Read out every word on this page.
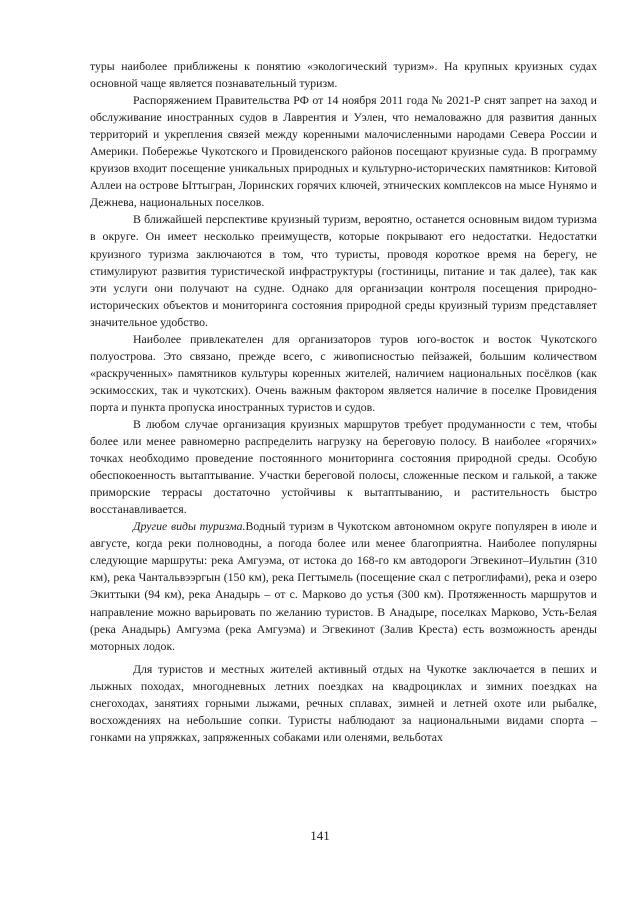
туры наиболее приближены к понятию «экологический туризм». На крупных круизных судах основной чаще является познавательный туризм.

Распоряжением Правительства РФ от 14 ноября 2011 года № 2021-Р снят запрет на заход и обслуживание иностранных судов в Лаврентия и Уэлен, что немаловажно для развития данных территорий и укрепления связей между коренными малочисленными народами Севера России и Америки. Побережье Чукотского и Провиденского районов посещают круизные суда. В программу круизов входит посещение уникальных природных и культурно-исторических памятников: Китовой Аллеи на острове Ыттыгран, Лоринских горячих ключей, этнических комплексов на мысе Нунямо и Дежнева, национальных поселков.

В ближайшей перспективе круизный туризм, вероятно, останется основным видом туризма в округе. Он имеет несколько преимуществ, которые покрывают его недостатки. Недостатки круизного туризма заключаются в том, что туристы, проводя короткое время на берегу, не стимулируют развития туристической инфраструктуры (гостиницы, питание и так далее), так как эти услуги они получают на судне. Однако для организации контроля посещения природно-исторических объектов и мониторинга состояния природной среды круизный туризм представляет значительное удобство.

Наиболее привлекателен для организаторов туров юго-восток и восток Чукотского полуострова. Это связано, прежде всего, с живописностью пейзажей, большим количеством «раскрученных» памятников культуры коренных жителей, наличием национальных посёлков (как эскимосских, так и чукотских). Очень важным фактором является наличие в поселке Провидения порта и пункта пропуска иностранных туристов и судов.

В любом случае организация круизных маршрутов требует продуманности с тем, чтобы более или менее равномерно распределить нагрузку на береговую полосу. В наиболее «горячих» точках необходимо проведение постоянного мониторинга состояния природной среды. Особую обеспокоенность вытаптывание. Участки береговой полосы, сложенные песком и галькой, а также приморские террасы достаточно устойчивы к вытаптыванию, и растительность быстро восстанавливается.

Другие виды туризма.Водный туризм в Чукотском автономном округе популярен в июле и августе, когда реки полноводны, а погода более или менее благоприятна. Наиболее популярны следующие маршруты: река Амгуэма, от истока до 168-го км автодороги Эгвекинот–Иультин (310 км), река Чантальвээргын (150 км), река Пегтымель (посещение скал с петроглифами), река и озеро Экиттыки (94 км), река Анадырь – от с. Марково до устья (300 км). Протяженность маршрутов и направление можно варьировать по желанию туристов. В Анадыре, поселках Марково, Усть-Белая (река Анадырь) Амгуэма (река Амгуэма) и Эгвекинот (Залив Креста) есть возможность аренды моторных лодок.

Для туристов и местных жителей активный отдых на Чукотке заключается в пеших и лыжных походах, многодневных летних поездках на квадроциклах и зимних поездках на снегоходах, занятиях горными лыжами, речных сплавах, зимней и летней охоте или рыбалке, восхождениях на небольшие сопки. Туристы наблюдают за национальными видами спорта – гонками на упряжках, запряженных собаками или оленями, вельботах

141
